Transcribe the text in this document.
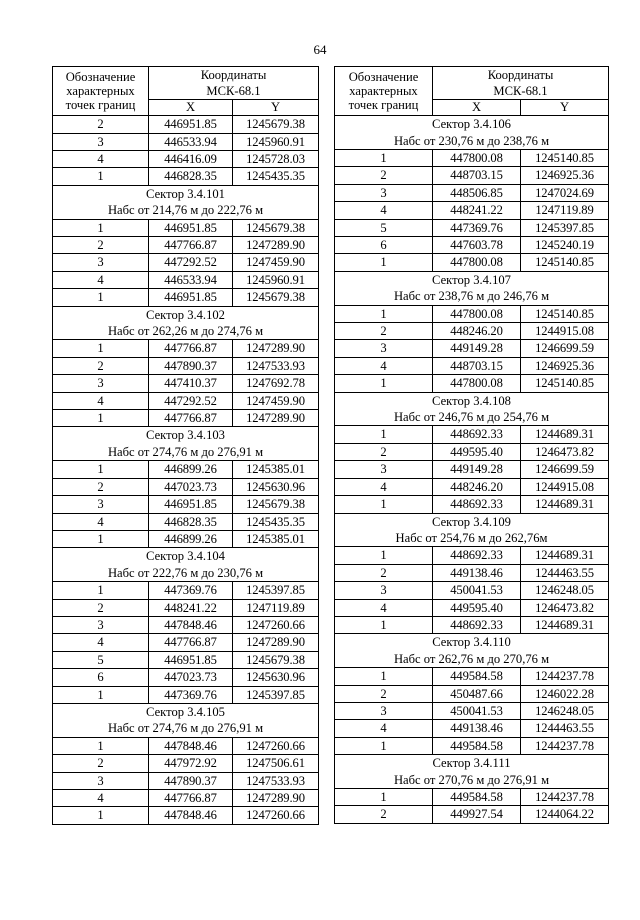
64
Обозначение
характерных
точек границ	Координаты	
	МСК-68.1	
	X	Y
2	446951.85	1245679.38
3	446533.94	1245960.91
4	446416.09	1245728.03
1	446828.35	1245435.35
Сектор 3.4.101		
Набс от 214,76 м до 222,76 м		
1	446951.85	1245679.38
2	447766.87	1247289.90
3	447292.52	1247459.90
4	446533.94	1245960.91
1	446951.85	1245679.38
Сектор 3.4.102		
Набс от 262,26 м до 274,76 м		
1	447766.87	1247289.90
2	447890.37	1247533.93
3	447410.37	1247692.78
4	447292.52	1247459.90
1	447766.87	1247289.90
Сектор 3.4.103		
Набс от 274,76 м до 276,91 м		
1	446899.26	1245385.01
2	447023.73	1245630.96
3	446951.85	1245679.38
4	446828.35	1245435.35
1	446899.26	1245385.01
Сектор 3.4.104		
Набс от 222,76 м до 230,76 м		
1	447369.76	1245397.85
2	448241.22	1247119.89
3	447848.46	1247260.66
4	447766.87	1247289.90
5	446951.85	1245679.38
6	447023.73	1245630.96
1	447369.76	1245397.85
Сектор 3.4.105		
Набс от 274,76 м до 276,91 м		
1	447848.46	1247260.66
2	447972.92	1247506.61
3	447890.37	1247533.93
4	447766.87	1247289.90
1	447848.46	1247260.66
Обозначение
характерных
точек границ	Координаты	
	МСК-68.1	
	X	Y
Сектор 3.4.106		
Набс от 230,76 м до 238,76 м		
1	447800.08	1245140.85
2	448703.15	1246925.36
3	448506.85	1247024.69
4	448241.22	1247119.89
5	447369.76	1245397.85
6	447603.78	1245240.19
1	447800.08	1245140.85
Сектор 3.4.107		
Набс от 238,76 м до 246,76 м		
1	447800.08	1245140.85
2	448246.20	1244915.08
3	449149.28	1246699.59
4	448703.15	1246925.36
1	447800.08	1245140.85
Сектор 3.4.108		
Набс от 246,76 м до 254,76 м		
1	448692.33	1244689.31
2	449595.40	1246473.82
3	449149.28	1246699.59
4	448246.20	1244915.08
1	448692.33	1244689.31
Сектор 3.4.109		
Набс от 254,76 м до 262,76м		
1	448692.33	1244689.31
2	449138.46	1244463.55
3	450041.53	1246248.05
4	449595.40	1246473.82
1	448692.33	1244689.31
Сектор 3.4.110		
Набс от 262,76 м до 270,76 м		
1	449584.58	1244237.78
2	450487.66	1246022.28
3	450041.53	1246248.05
4	449138.46	1244463.55
1	449584.58	1244237.78
Сектор 3.4.111		
Набс от 270,76 м до 276,91 м		
1	449584.58	1244237.78
2	449927.54	1244064.22
